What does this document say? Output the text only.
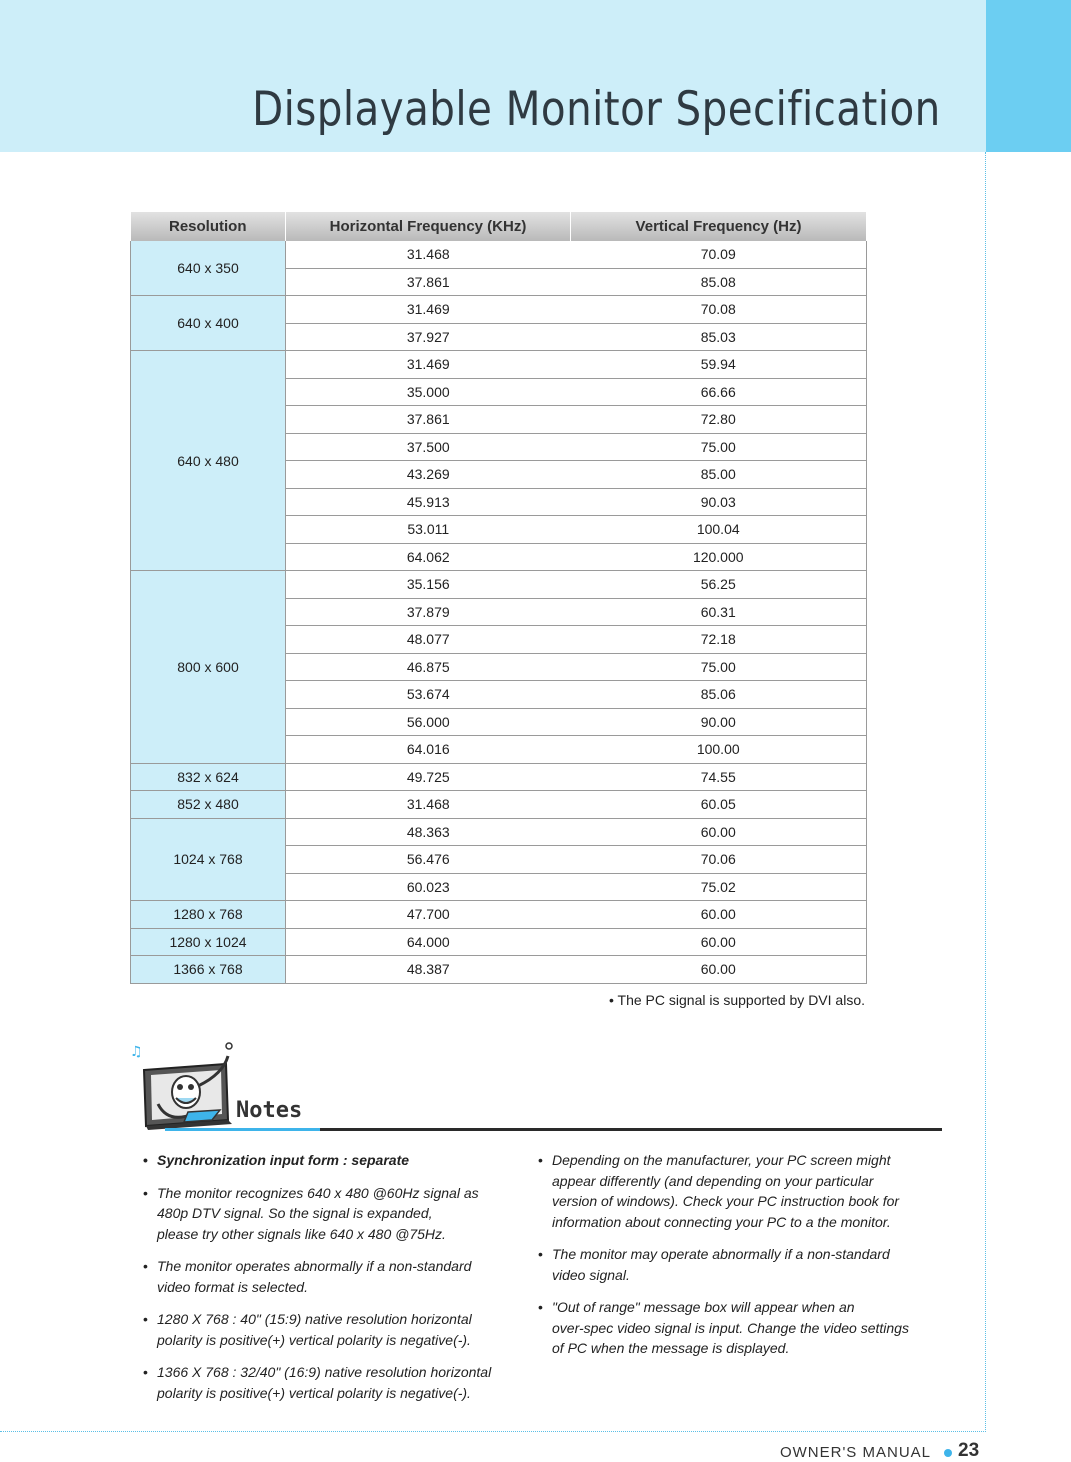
Displayable Monitor Specification
Resolution	Horizontal Frequency (KHz)	Vertical Frequency (Hz)
640 x 350	31.468	70.09
	37.861	85.08
640 x 400	31.469	70.08
	37.927	85.03
640 x 480	31.469	59.94
	35.000	66.66
	37.861	72.80
	37.500	75.00
	43.269	85.00
	45.913	90.03
	53.011	100.04
	64.062	120.000
800 x 600	35.156	56.25
	37.879	60.31
	48.077	72.18
	46.875	75.00
	53.674	85.06
	56.000	90.00
	64.016	100.00
832 x 624	49.725	74.55
852 x 480	31.468	60.05
1024 x 768	48.363	60.00
	56.476	70.06
	60.023	75.02
1280 x 768	47.700	60.00
1280 x 1024	64.000	60.00
1366 x 768	48.387	60.00
• The PC signal is supported by DVI also.
♫
Notes
• Synchronization input form : separate
• The monitor recognizes 640 x 480 @60Hz signal as
480p DTV signal. So the signal is expanded,
please try other signals like 640 x 480 @75Hz.
• The monitor operates abnormally if a non-standard
video format is selected.
• 1280 X 768 : 40" (15:9) native resolution horizontal
polarity is positive(+) vertical polarity is negative(-).
• 1366 X 768 : 32/40" (16:9) native resolution horizontal
polarity is positive(+) vertical polarity is negative(-).
• Depending on the manufacturer, your PC screen might
appear differently (and depending on your particular
version of windows). Check your PC instruction book for
information about connecting your PC to a the monitor.
• The monitor may operate abnormally if a non-standard
video signal.
• "Out of range" message box will appear when an
over-spec video signal is input. Change the video settings
of PC when the message is displayed.
OWNER'S MANUAL 23
